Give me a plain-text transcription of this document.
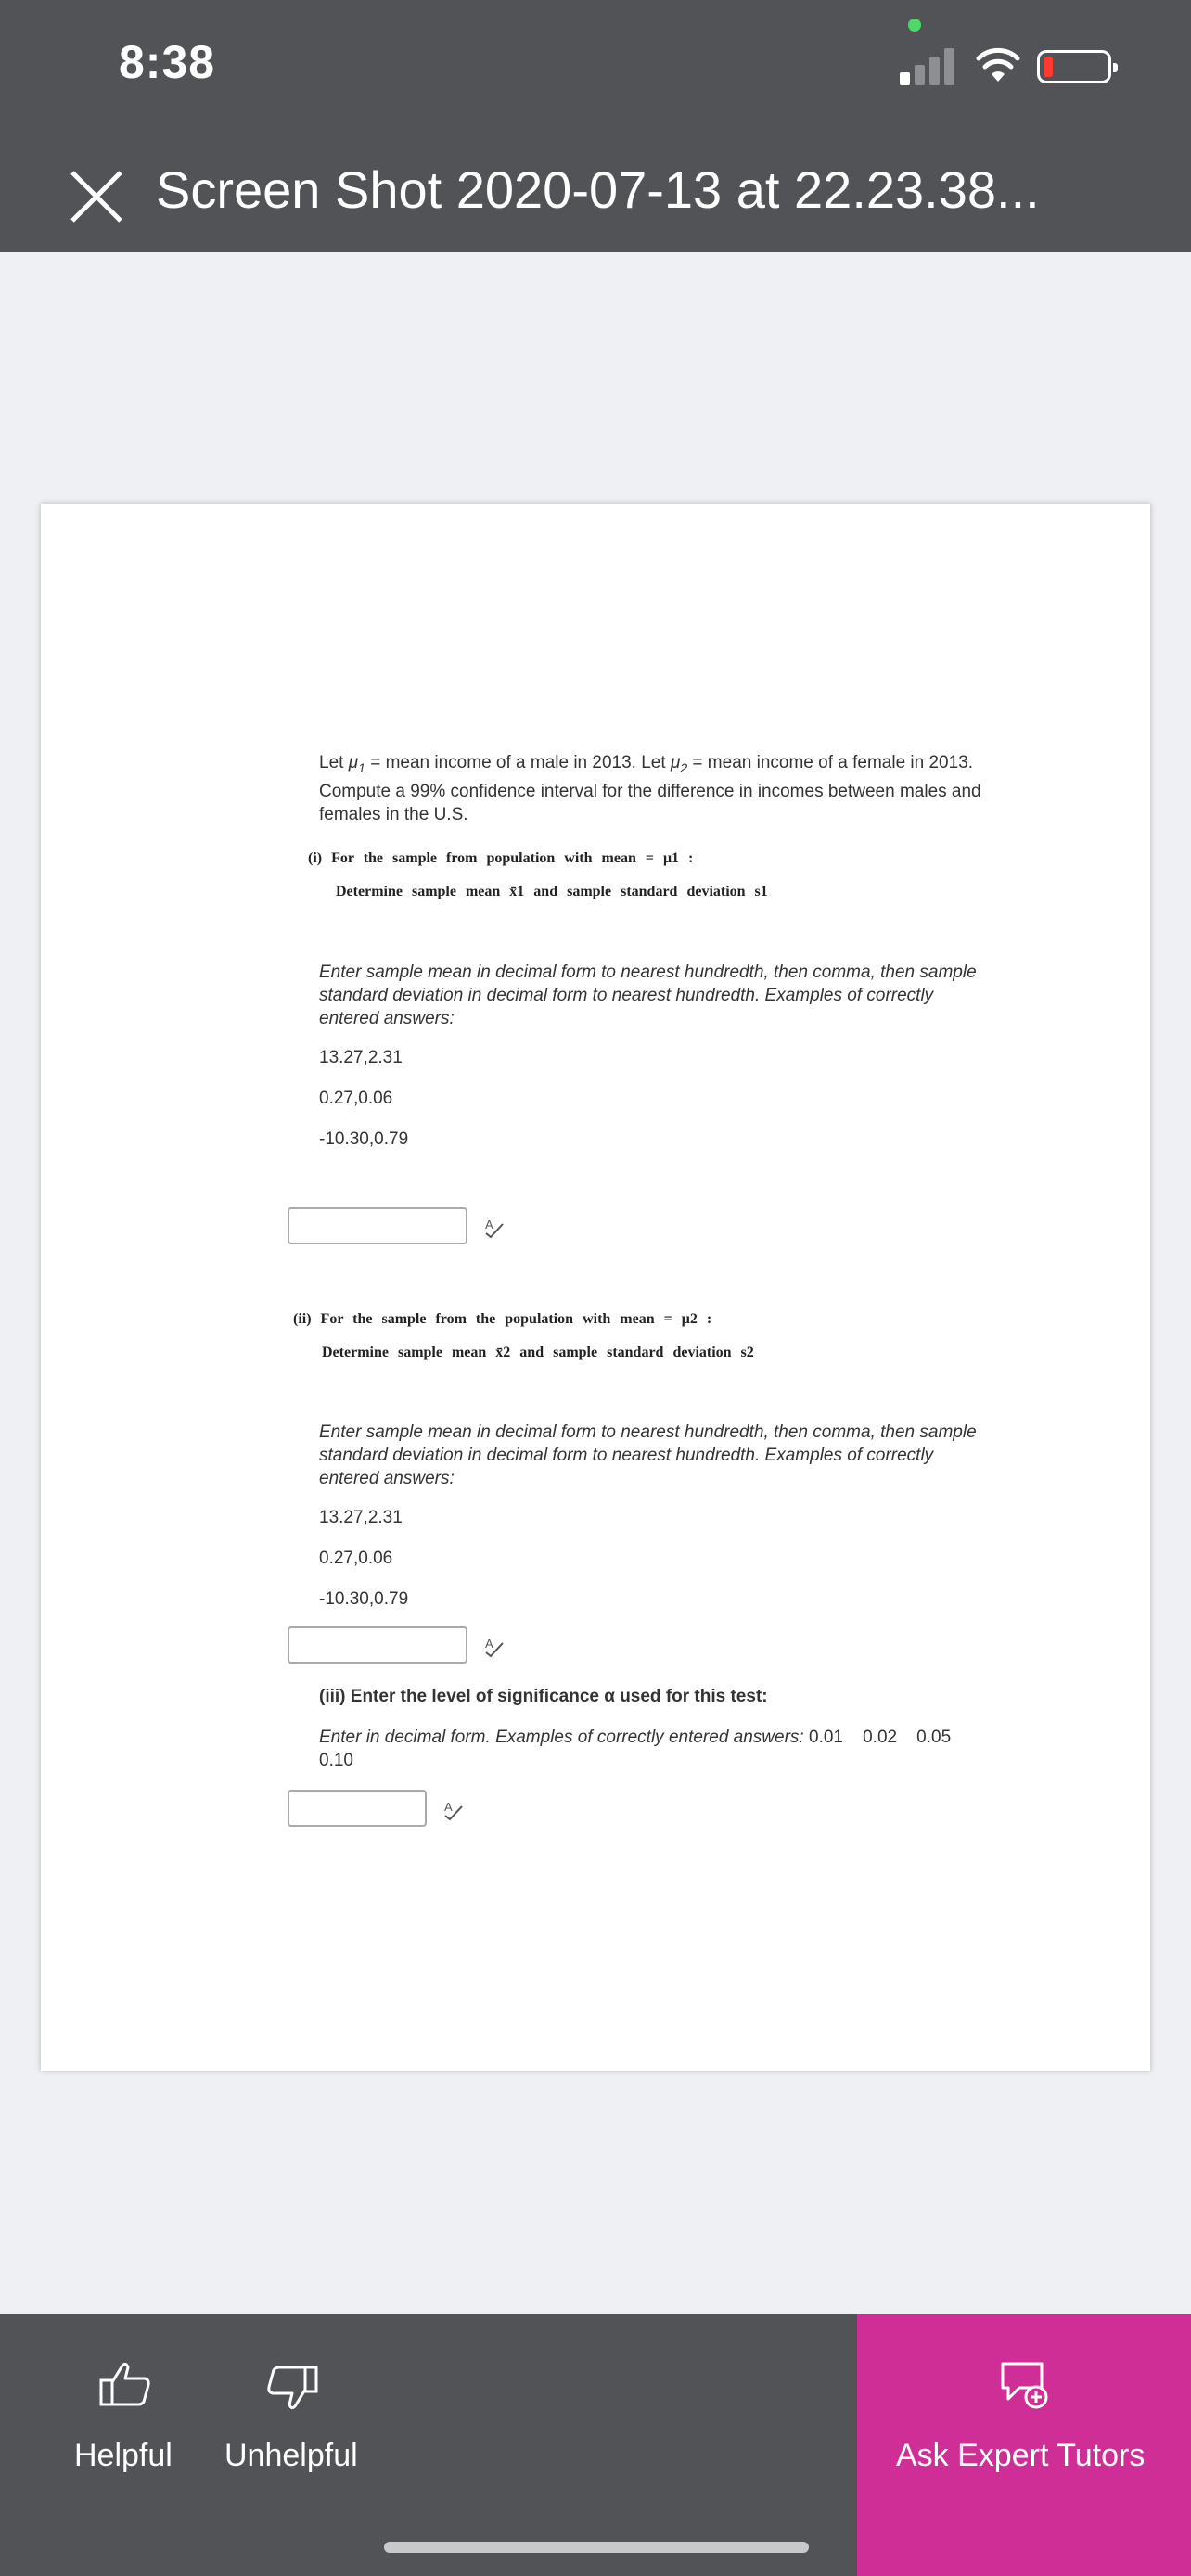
8:38
Screen Shot 2020-07-13 at 22.23.38...
Let $\mu_1$ = mean income of a male in 2013. Let $\mu_2$ = mean income of a female in 2013. Compute a 99% confidence interval for the difference in incomes between males and females in the U.S.
(i) For the sample from population with mean = μ1 :
Determine sample mean x̄1 and sample standard deviation s1
Enter sample mean in decimal form to nearest hundredth, then comma, then sample standard deviation in decimal form to nearest hundredth. Examples of correctly entered answers:
13.27,2.31
0.27,0.06
-10.30,0.79
A
(ii) For the sample from the population with mean = μ2 :
Determine sample mean x̄2 and sample standard deviation s2
Enter sample mean in decimal form to nearest hundredth, then comma, then sample standard deviation in decimal form to nearest hundredth. Examples of correctly entered answers:
13.27,2.31
0.27,0.06
-10.30,0.79
A
(iii) Enter the level of significance α used for this test:
Enter in decimal form. Examples of correctly entered answers: 0.01    0.02    0.05    0.10
A
Helpful Unhelpful	Ask Expert Tutors
